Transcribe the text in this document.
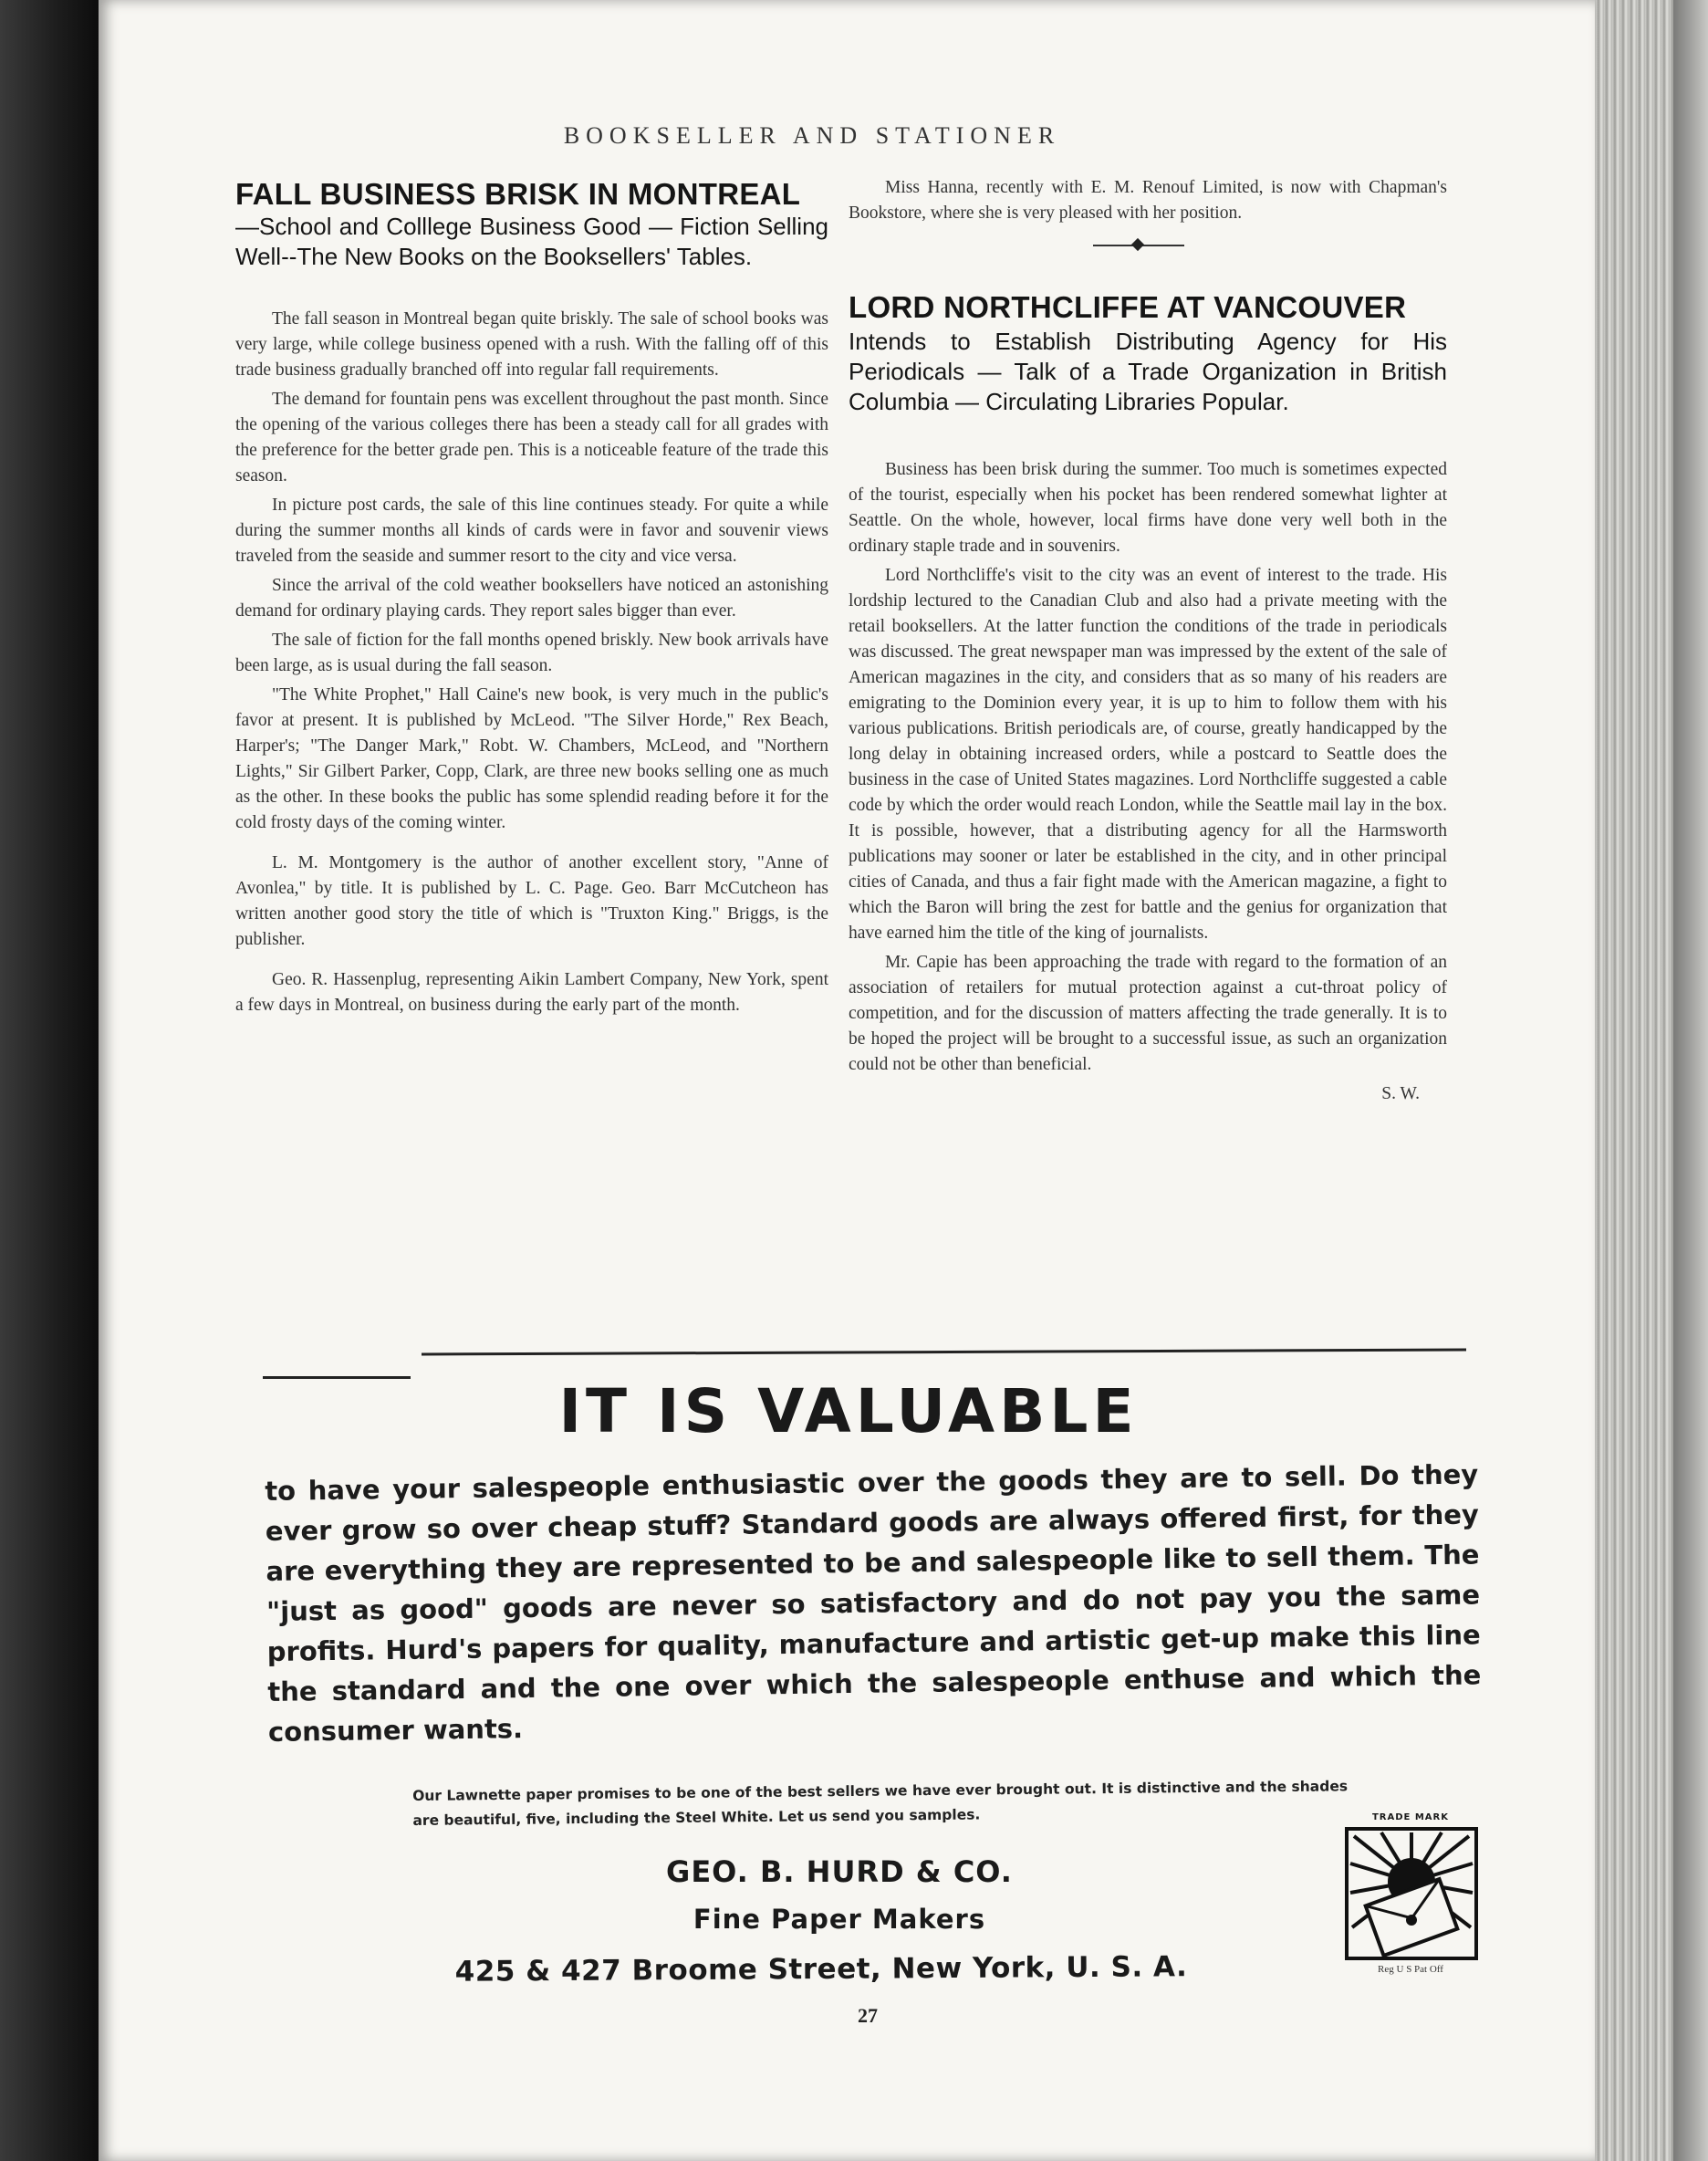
BOOKSELLER AND STATIONER
FALL BUSINESS BRISK IN MONTREAL
—School and Colllege Business Good — Fiction Selling Well--The New Books on the Booksellers' Tables.

The fall season in Montreal began quite briskly. The sale of school books was very large, while college business opened with a rush. With the falling off of this trade business gradually branched off into regular fall requirements.

The demand for fountain pens was excellent throughout the past month. Since the opening of the various colleges there has been a steady call for all grades with the preference for the better grade pen. This is a noticeable feature of the trade this season.

In picture post cards, the sale of this line continues steady. For quite a while during the summer months all kinds of cards were in favor and souvenir views traveled from the seaside and summer resort to the city and vice versa.

Since the arrival of the cold weather booksellers have noticed an astonishing demand for ordinary playing cards. They report sales bigger than ever.

The sale of fiction for the fall months opened briskly. New book arrivals have been large, as is usual during the fall season.

"The White Prophet," Hall Caine's new book, is very much in the public's favor at present. It is published by McLeod. "The Silver Horde," Rex Beach, Harper's; "The Danger Mark," Robt. W. Chambers, McLeod, and "Northern Lights," Sir Gilbert Parker, Copp, Clark, are three new books selling one as much as the other. In these books the public has some splendid reading before it for the cold frosty days of the coming winter.

L. M. Montgomery is the author of another excellent story, "Anne of Avonlea," by title. It is published by L. C. Page. Geo. Barr McCutcheon has written another good story the title of which is "Truxton King." Briggs, is the publisher.

Geo. R. Hassenplug, representing Aikin Lambert Company, New York, spent a few days in Montreal, on business during the early part of the month.

Miss Hanna, recently with E. M. Renouf Limited, is now with Chapman's Bookstore, where she is very pleased with her position.

LORD NORTHCLIFFE AT VANCOUVER
Intends to Establish Distributing Agency for His Periodicals — Talk of a Trade Organization in British Columbia — Circulating Libraries Popular.

Business has been brisk during the summer. Too much is sometimes expected of the tourist, especially when his pocket has been rendered somewhat lighter at Seattle. On the whole, however, local firms have done very well both in the ordinary staple trade and in souvenirs.

Lord Northcliffe's visit to the city was an event of interest to the trade. His lordship lectured to the Canadian Club and also had a private meeting with the retail booksellers. At the latter function the conditions of the trade in periodicals was discussed. The great newspaper man was impressed by the extent of the sale of American magazines in the city, and considers that as so many of his readers are emigrating to the Dominion every year, it is up to him to follow them with his various publications. British periodicals are, of course, greatly handicapped by the long delay in obtaining increased orders, while a postcard to Seattle does the business in the case of United States magazines. Lord Northcliffe suggested a cable code by which the order would reach London, while the Seattle mail lay in the box. It is possible, however, that a distributing agency for all the Harmsworth publications may sooner or later be established in the city, and in other principal cities of Canada, and thus a fair fight made with the American magazine, a fight to which the Baron will bring the zest for battle and the genius for organization that have earned him the title of the king of journalists.

Mr. Capie has been approaching the trade with regard to the formation of an association of retailers for mutual protection against a cut-throat policy of competition, and for the discussion of matters affecting the trade generally. It is to be hoped the project will be brought to a successful issue, as such an organization could not be other than beneficial.

S. W.

IT IS VALUABLE
to have your salespeople enthusiastic over the goods they are to sell. Do they ever grow so over cheap stuff? Standard goods are always offered first, for they are everything they are represented to be and salespeople like to sell them. The "just as good" goods are never so satisfactory and do not pay you the same profits. Hurd's papers for quality, manufacture and artistic get-up make this line the standard and the one over which the salespeople enthuse and which the consumer wants.
Our Lawnette paper promises to be one of the best sellers we have ever brought out. It is distinctive and the shades are beautiful, five, including the Steel White. Let us send you samples.
GEO. B. HURD & CO.
Fine Paper Makers
425 & 427 Broome Street, New York, U. S. A.
TRADE MARK
Reg U S Pat Off
27
